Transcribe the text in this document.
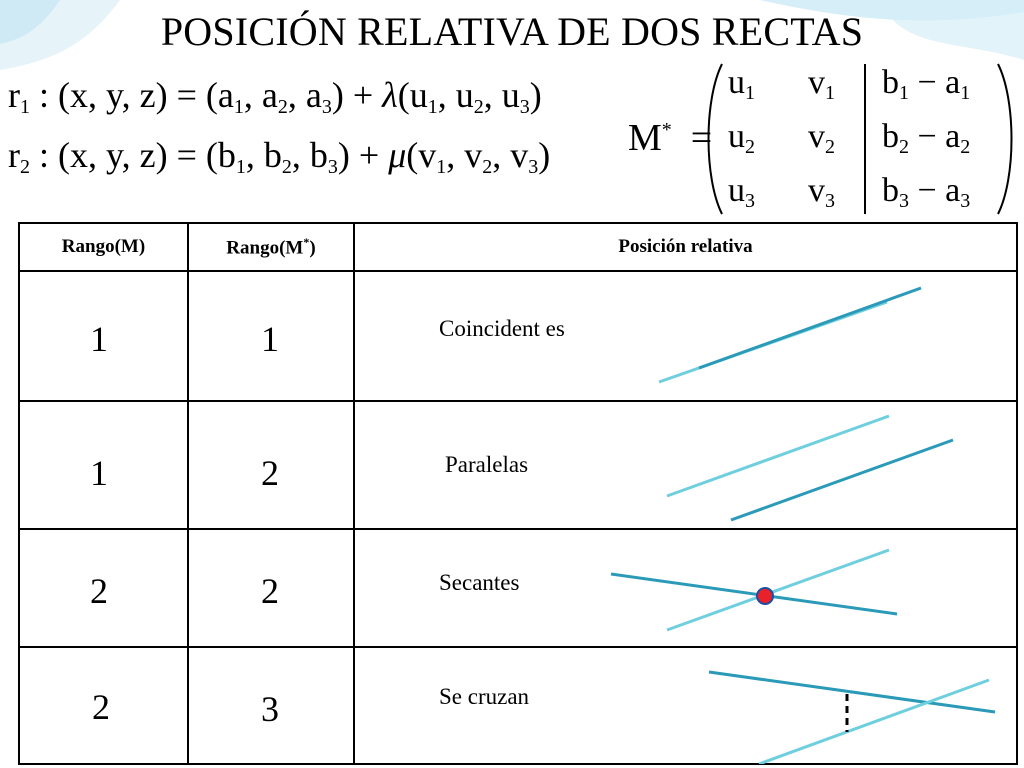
POSICIÓN RELATIVA DE DOS RECTAS
$r_1$ : (x, y, $z) = (a_1$, $a_2$, $a_3) + \lambda(u_1$, $u_2$, $u_3$)
$r_2$ : (x, y, $z) = (b_1$, $b_2$, $b_3) + \mu(v_1$, $v_2$, $v_3$) M* =
$u_1$ $v_1$ $b_1 - a_1$
$u_2$ $v_2$ $b_2 - a_2$
$u_3$ $v_3$ $b_3 - a_3$
Rango(M)	Rango(M*)	Posición relativa

1	1	Coincident es

1	2	Paralelas

2	2	Secantes

2	3	Se cruzan
